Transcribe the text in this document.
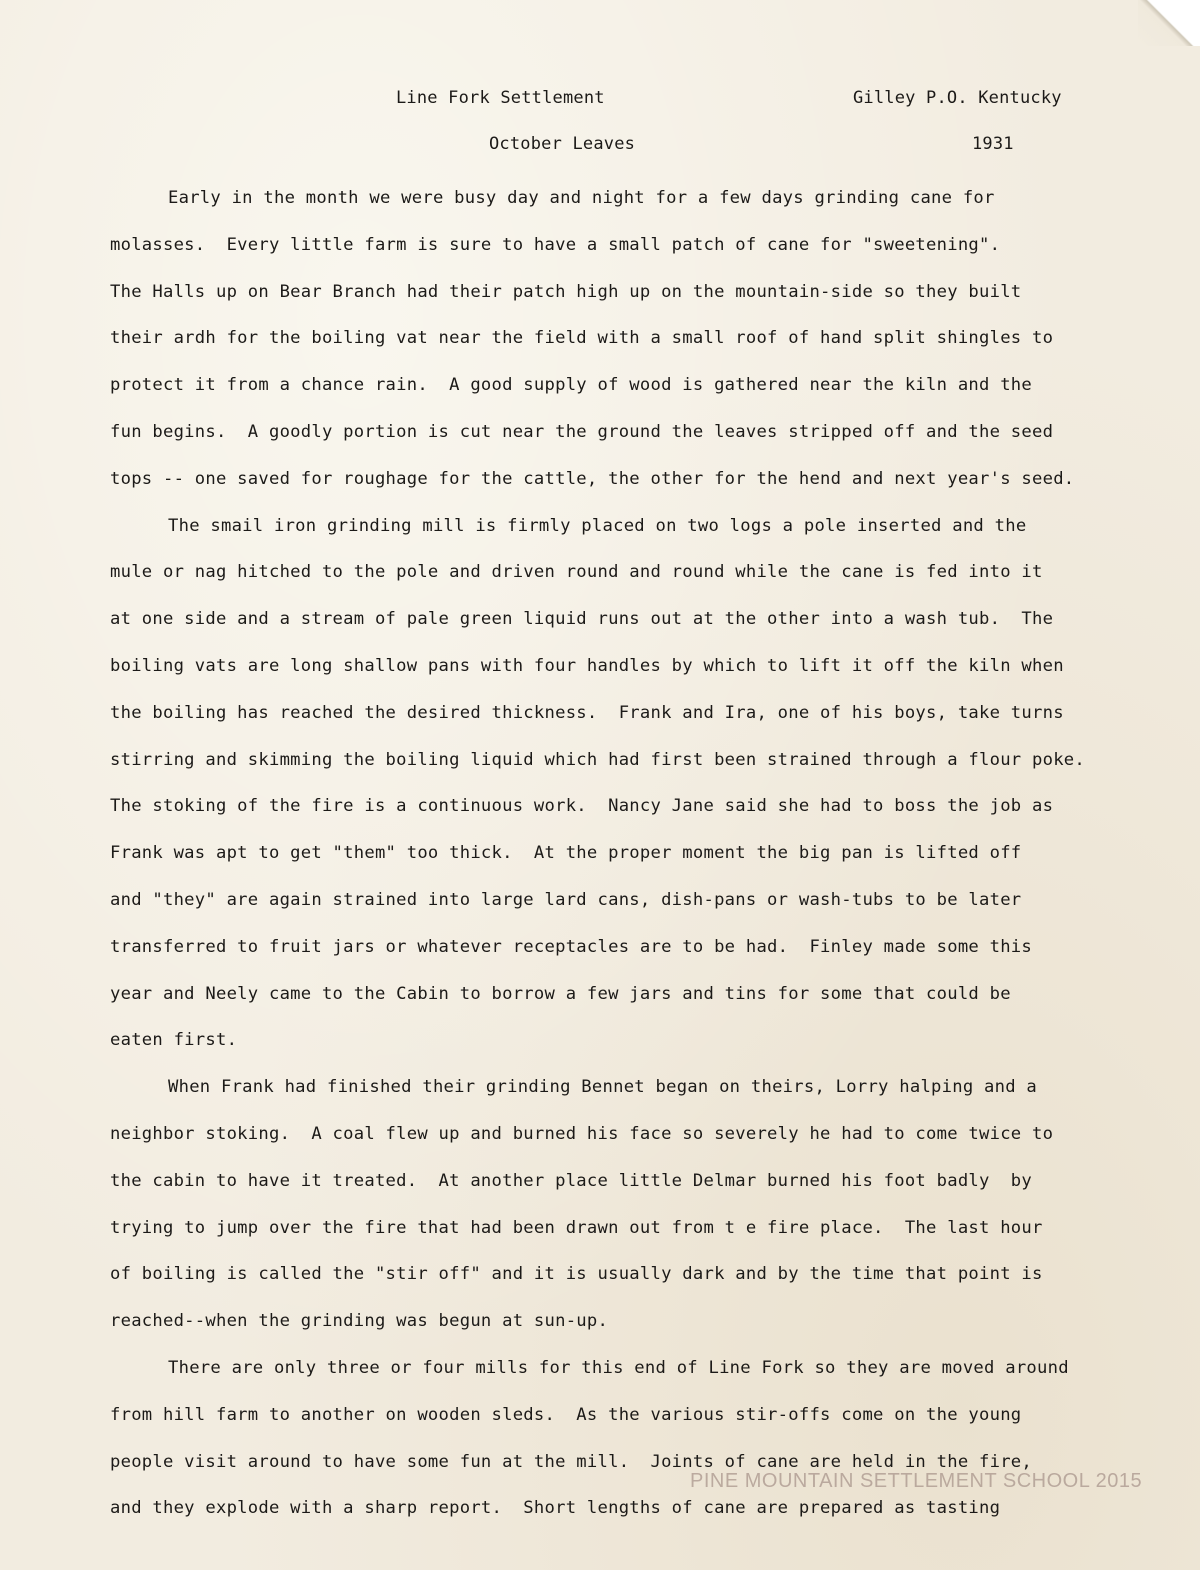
Line Fork Settlement	Gilley P.O. Kentucky
October Leaves	1931
Early in the month we were busy day and night for a few days grinding cane for
molasses.  Every little farm is sure to have a small patch of cane for "sweetening".
The Halls up on Bear Branch had their patch high up on the mountain-side so they built
their ardh for the boiling vat near the field with a small roof of hand split shingles to
protect it from a chance rain.  A good supply of wood is gathered near the kiln and the
fun begins.  A goodly portion is cut near the ground the leaves stripped off and the seed
tops -- one saved for roughage for the cattle, the other for the hend and next year's seed.
The smail iron grinding mill is firmly placed on two logs a pole inserted and the
mule or nag hitched to the pole and driven round and round while the cane is fed into it
at one side and a stream of pale green liquid runs out at the other into a wash tub.  The
boiling vats are long shallow pans with four handles by which to lift it off the kiln when
the boiling has reached the desired thickness.  Frank and Ira, one of his boys, take turns
stirring and skimming the boiling liquid which had first been strained through a flour poke.
The stoking of the fire is a continuous work.  Nancy Jane said she had to boss the job as
Frank was apt to get "them" too thick.  At the proper moment the big pan is lifted off
and "they" are again strained into large lard cans, dish-pans or wash-tubs to be later
transferred to fruit jars or whatever receptacles are to be had.  Finley made some this
year and Neely came to the Cabin to borrow a few jars and tins for some that could be
eaten first.
When Frank had finished their grinding Bennet began on theirs, Lorry halping and a
neighbor stoking.  A coal flew up and burned his face so severely he had to come twice to
the cabin to have it treated.  At another place little Delmar burned his foot badly  by
trying to jump over the fire that had been drawn out from t e fire place.  The last hour
of boiling is called the "stir off" and it is usually dark and by the time that point is
reached--when the grinding was begun at sun-up.
There are only three or four mills for this end of Line Fork so they are moved around
from hill farm to another on wooden sleds.  As the various stir-offs come on the young
people visit around to have some fun at the mill.  Joints of cane are held in the fire,
and they explode with a sharp report.  Short lengths of cane are prepared as tasting
PINE MOUNTAIN SETTLEMENT SCHOOL 2015
